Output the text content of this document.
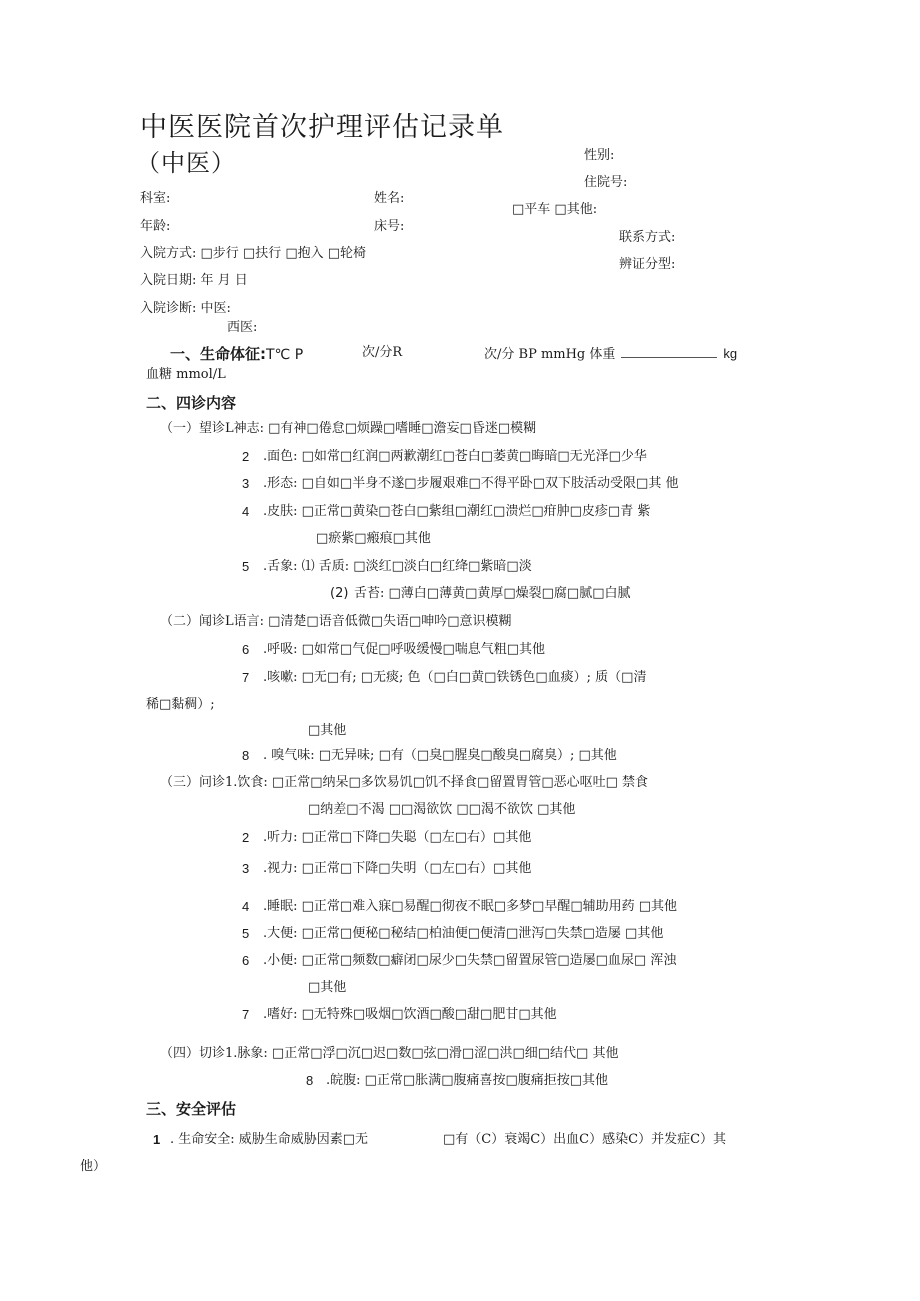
中医医院首次护理评估记录单
（中医）	性别:
住院号:
科室:	姓名:
□平车 □其他:
年龄:	床号:
联系方式:
入院方式: □步行 □扶行 □抱入 □轮椅
辨证分型:
入院日期: 年 月 日
入院诊断: 中医:
西医:
一、生命体征:T℃ P	次/分R	次/分 BP mmHg 体重	kg
血糖 mmol/L
二、四诊内容
（一）望诊L神志: □有神□倦怠□烦躁□嗜睡□澹妄□昏迷□模糊
2 .面色: □如常□红润□两歉潮红□苍白□萎黄□晦暗□无光泽□少华
3 .形态: □自如□半身不遂□步履艰难□不得平卧□双下肢活动受限□其 他
4 .皮肤: □正常□黄染□苍白□紫组□潮红□溃烂□疳肿□皮疹□青 紫
□瘀紫□瘢痕□其他
5 .舌象: ⑴ 舌质: □淡红□淡白□红绛□紫暗□淡
(2) 舌苔: □薄白□薄黄□黄厚□燥裂□腐□腻□白腻
（二）闻诊L语言: □清楚□语音低微□失语□呻吟□意识模糊
6 .呼吸: □如常□气促□呼吸缓慢□喘息气粗□其他
7 .咳嗽: □无□有; □无痰; 色（□白□黄□铁锈色□血痰）; 质（□清
稀□黏稠）;
□其他
8 . 嗅气味: □无异味; □有（□臭□腥臭□酸臭□腐臭）; □其他
（三）问诊1.饮食: □正常□纳呆□多饮易饥□饥不择食□留置胃管□恶心呕吐□ 禁食
□纳差□不渴 □□渴欲饮 □□渴不欲饮 □其他
2 .听力: □正常□下降□失聪（□左□右）□其他
3 .视力: □正常□下降□失明（□左□右）□其他
4 .睡眠: □正常□难入寐□易醒□彻夜不眠□多梦□早醒□辅助用药 □其他
5 .大便: □正常□便秘□秘结□柏油便□便清□泄泻□失禁□造屡 □其他
6 .小便: □正常□频数□癖闭□尿少□失禁□留置尿管□造屡□血尿□ 浑浊
□其他
7 .嗜好: □无特殊□吸烟□饮酒□酸□甜□肥甘□其他
（四）切诊1.脉象: □正常□浮□沉□迟□数□弦□滑□涩□洪□细□结代□ 其他
8 .皖腹: □正常□胀满□腹痛喜按□腹痛拒按□其他
三、安全评估
1 . 生命安全: 威胁生命威胁因素□无	□有（C）衰竭C）出血C）感染C）并发症C）其
他）
